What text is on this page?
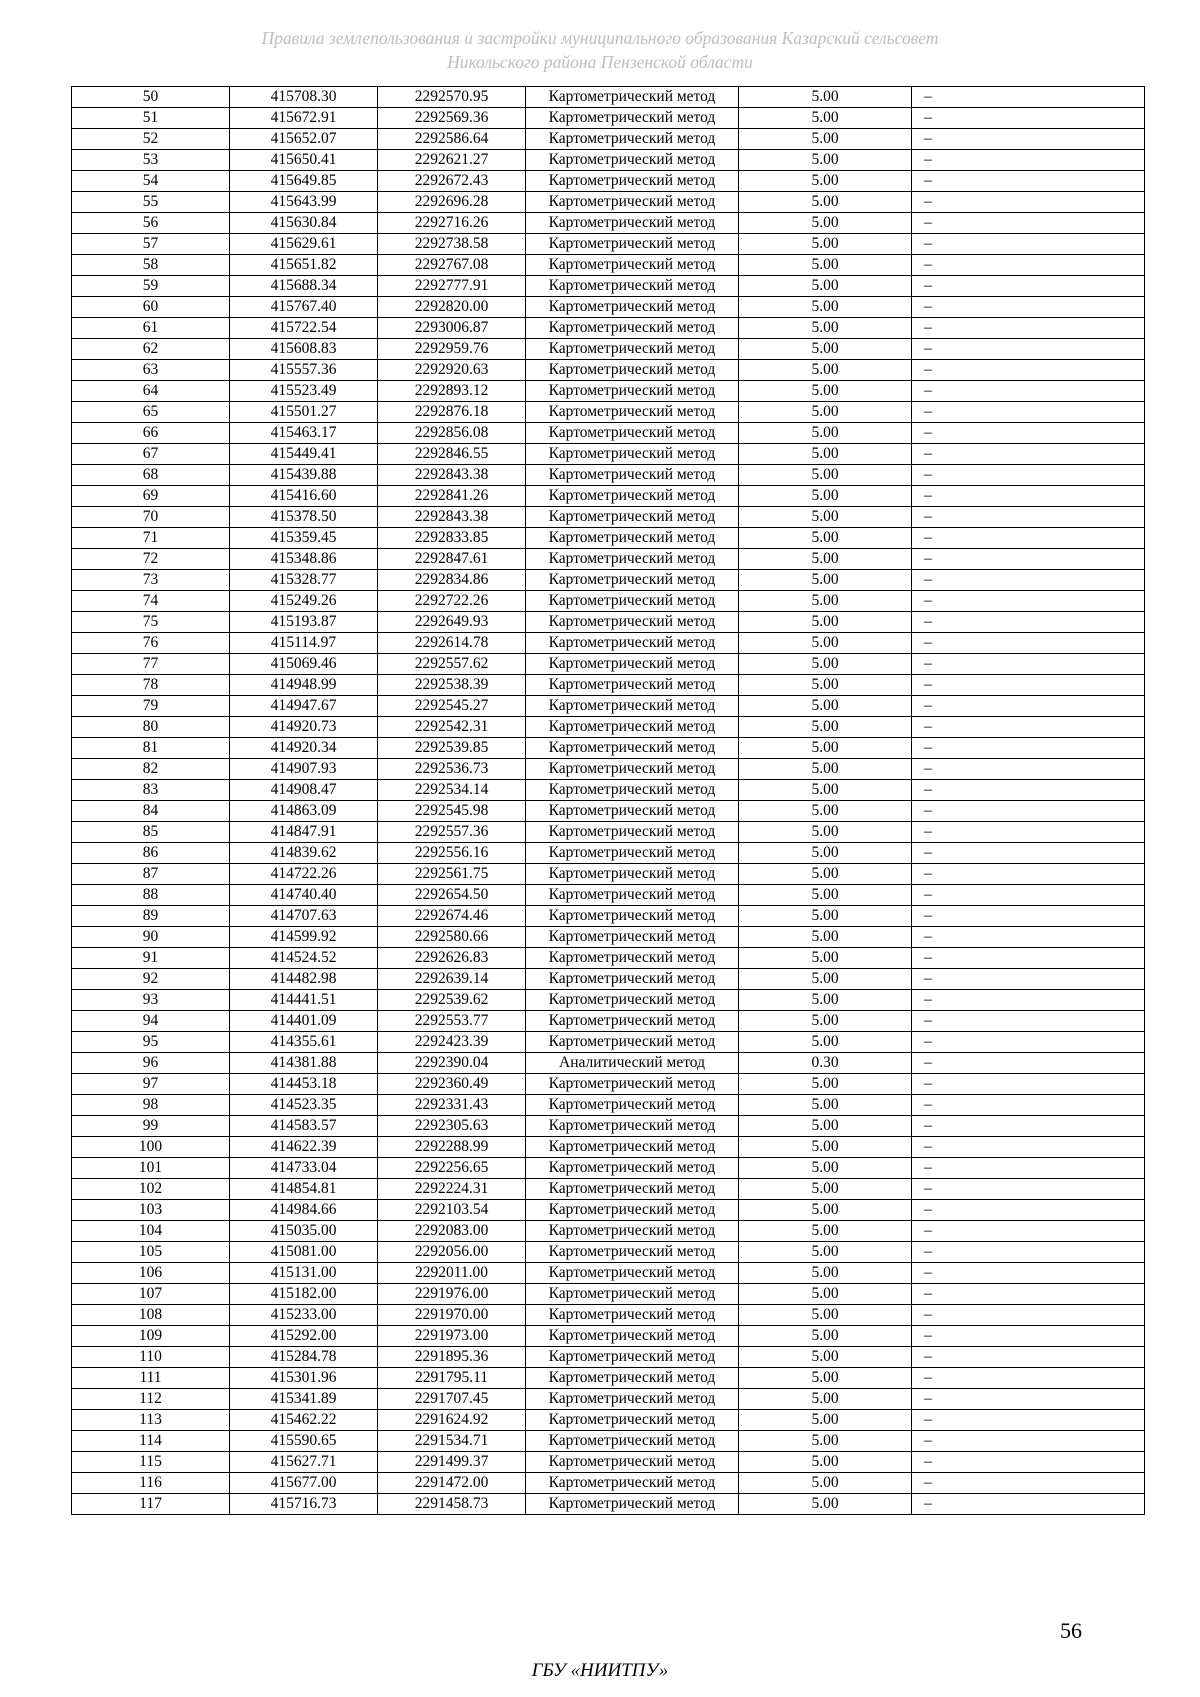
Правила землепользования и застройки муниципального образования Казарский сельсовет
Никольского района Пензенской области
50	415708.30	2292570.95	Картометрический метод	5.00	–
51	415672.91	2292569.36	Картометрический метод	5.00	–
52	415652.07	2292586.64	Картометрический метод	5.00	–
53	415650.41	2292621.27	Картометрический метод	5.00	–
54	415649.85	2292672.43	Картометрический метод	5.00	–
55	415643.99	2292696.28	Картометрический метод	5.00	–
56	415630.84	2292716.26	Картометрический метод	5.00	–
57	415629.61	2292738.58	Картометрический метод	5.00	–
58	415651.82	2292767.08	Картометрический метод	5.00	–
59	415688.34	2292777.91	Картометрический метод	5.00	–
60	415767.40	2292820.00	Картометрический метод	5.00	–
61	415722.54	2293006.87	Картометрический метод	5.00	–
62	415608.83	2292959.76	Картометрический метод	5.00	–
63	415557.36	2292920.63	Картометрический метод	5.00	–
64	415523.49	2292893.12	Картометрический метод	5.00	–
65	415501.27	2292876.18	Картометрический метод	5.00	–
66	415463.17	2292856.08	Картометрический метод	5.00	–
67	415449.41	2292846.55	Картометрический метод	5.00	–
68	415439.88	2292843.38	Картометрический метод	5.00	–
69	415416.60	2292841.26	Картометрический метод	5.00	–
70	415378.50	2292843.38	Картометрический метод	5.00	–
71	415359.45	2292833.85	Картометрический метод	5.00	–
72	415348.86	2292847.61	Картометрический метод	5.00	–
73	415328.77	2292834.86	Картометрический метод	5.00	–
74	415249.26	2292722.26	Картометрический метод	5.00	–
75	415193.87	2292649.93	Картометрический метод	5.00	–
76	415114.97	2292614.78	Картометрический метод	5.00	–
77	415069.46	2292557.62	Картометрический метод	5.00	–
78	414948.99	2292538.39	Картометрический метод	5.00	–
79	414947.67	2292545.27	Картометрический метод	5.00	–
80	414920.73	2292542.31	Картометрический метод	5.00	–
81	414920.34	2292539.85	Картометрический метод	5.00	–
82	414907.93	2292536.73	Картометрический метод	5.00	–
83	414908.47	2292534.14	Картометрический метод	5.00	–
84	414863.09	2292545.98	Картометрический метод	5.00	–
85	414847.91	2292557.36	Картометрический метод	5.00	–
86	414839.62	2292556.16	Картометрический метод	5.00	–
87	414722.26	2292561.75	Картометрический метод	5.00	–
88	414740.40	2292654.50	Картометрический метод	5.00	–
89	414707.63	2292674.46	Картометрический метод	5.00	–
90	414599.92	2292580.66	Картометрический метод	5.00	–
91	414524.52	2292626.83	Картометрический метод	5.00	–
92	414482.98	2292639.14	Картометрический метод	5.00	–
93	414441.51	2292539.62	Картометрический метод	5.00	–
94	414401.09	2292553.77	Картометрический метод	5.00	–
95	414355.61	2292423.39	Картометрический метод	5.00	–
96	414381.88	2292390.04	Аналитический метод	0.30	–
97	414453.18	2292360.49	Картометрический метод	5.00	–
98	414523.35	2292331.43	Картометрический метод	5.00	–
99	414583.57	2292305.63	Картометрический метод	5.00	–
100	414622.39	2292288.99	Картометрический метод	5.00	–
101	414733.04	2292256.65	Картометрический метод	5.00	–
102	414854.81	2292224.31	Картометрический метод	5.00	–
103	414984.66	2292103.54	Картометрический метод	5.00	–
104	415035.00	2292083.00	Картометрический метод	5.00	–
105	415081.00	2292056.00	Картометрический метод	5.00	–
106	415131.00	2292011.00	Картометрический метод	5.00	–
107	415182.00	2291976.00	Картометрический метод	5.00	–
108	415233.00	2291970.00	Картометрический метод	5.00	–
109	415292.00	2291973.00	Картометрический метод	5.00	–
110	415284.78	2291895.36	Картометрический метод	5.00	–
111	415301.96	2291795.11	Картометрический метод	5.00	–
112	415341.89	2291707.45	Картометрический метод	5.00	–
113	415462.22	2291624.92	Картометрический метод	5.00	–
114	415590.65	2291534.71	Картометрический метод	5.00	–
115	415627.71	2291499.37	Картометрический метод	5.00	–
116	415677.00	2291472.00	Картометрический метод	5.00	–
117	415716.73	2291458.73	Картометрический метод	5.00	–
56
ГБУ «НИИТПУ»
